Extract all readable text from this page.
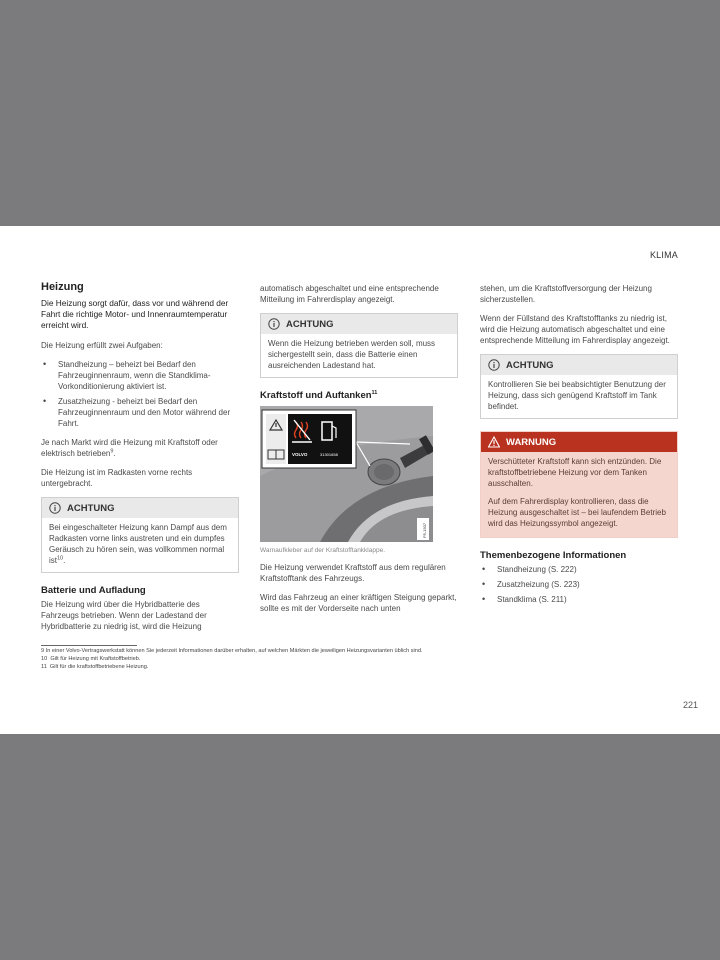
KLIMA
Heizung

Die Heizung sorgt dafür, dass vor und während der Fahrt die richtige Motor- und Innenraumtemperatur erreicht wird.

Die Heizung erfüllt zwei Aufgaben:

• Standheizung – beheizt bei Bedarf den Fahrzeuginnenraum, wenn die Standklima-Vorkonditionierung aktiviert ist.
• Zusatzheizung - beheizt bei Bedarf den Fahrzeuginnenraum und den Motor während der Fahrt.

Je nach Markt wird die Heizung mit Kraftstoff oder elektrisch betrieben$^9$.

Die Heizung ist im Radkasten vorne rechts untergebracht.

ACHTUNG
Bei eingeschalteter Heizung kann Dampf aus dem Radkasten vorne links austreten und ein dumpfes Geräusch zu hören sein, was vollkommen normal ist$^{10}$.
Batterie und Aufladung

Die Heizung wird über die Hybridbatterie des Fahrzeugs betrieben. Wenn der Ladestand der Hybridbatterie zu niedrig ist, wird die Heizung

automatisch abgeschaltet und eine entsprechende Mitteilung im Fahrerdisplay angezeigt.

ACHTUNG
Wenn die Heizung betrieben werden soll, muss sichergestellt sein, dass die Batterie einen ausreichenden Ladestand hat.
Kraftstoff und Auftanken$^{11}$
VOLVO	31301658
P5-1507
Warnaufkleber auf der Kraftstofftankklappe.

Die Heizung verwendet Kraftstoff aus dem regulären Kraftstofftank des Fahrzeugs.

Wird das Fahrzeug an einer kräftigen Steigung geparkt, sollte es mit der Vorderseite nach unten

stehen, um die Kraftstoffversorgung der Heizung sicherzustellen.

Wenn der Füllstand des Kraftstofftanks zu niedrig ist, wird die Heizung automatisch abgeschaltet und eine entsprechende Mitteilung im Fahrerdisplay angezeigt.

ACHTUNG
Kontrollieren Sie bei beabsichtigter Benutzung der Heizung, dass sich genügend Kraftstoff im Tank befindet.
WARNUNG

Verschütteter Kraftstoff kann sich entzünden. Die kraftstoffbetriebene Heizung vor dem Tanken ausschalten.

Auf dem Fahrerdisplay kontrollieren, dass die Heizung ausgeschaltet ist – bei laufendem Betrieb wird das Heizungssymbol angezeigt.

Themenbezogene Informationen
• Standheizung (S. 222)
• Zusatzheizung (S. 223)
• Standklima (S. 211)
9 In einer Volvo-Vertragswerkstatt können Sie jederzeit Informationen darüber erhalten, auf welchen Märkten die jeweiligen Heizungsvarianten üblich sind.
10 Gilt für Heizung mit Kraftstoffbetrieb.
11 Gilt für die kraftstoffbetriebene Heizung.
221
